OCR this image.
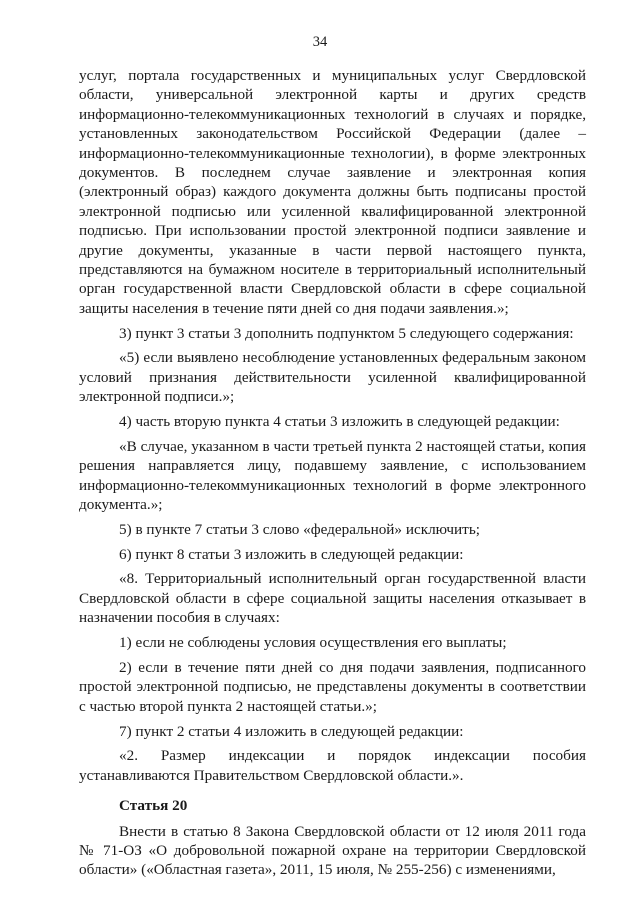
34

услуг, портала государственных и муниципальных услуг Свердловской области, универсальной электронной карты и других средств информационно-телекоммуникационных технологий в случаях и порядке, установленных законодательством Российской Федерации (далее – информационно-телекоммуникационные технологии), в форме электронных документов. В последнем случае заявление и электронная копия (электронный образ) каждого документа должны быть подписаны простой электронной подписью или усиленной квалифицированной электронной подписью. При использовании простой электронной подписи заявление и другие документы, указанные в части первой настоящего пункта, представляются на бумажном носителе в территориальный исполнительный орган государственной власти Свердловской области в сфере социальной защиты населения в течение пяти дней со дня подачи заявления.»;

3) пункт 3 статьи 3 дополнить подпунктом 5 следующего содержания:

«5) если выявлено несоблюдение установленных федеральным законом условий признания действительности усиленной квалифицированной электронной подписи.»;

4) часть вторую пункта 4 статьи 3 изложить в следующей редакции:

«В случае, указанном в части третьей пункта 2 настоящей статьи, копия решения направляется лицу, подавшему заявление, с использованием информационно-телекоммуникационных технологий в форме электронного документа.»;

5) в пункте 7 статьи 3 слово «федеральной» исключить;

6) пункт 8 статьи 3 изложить в следующей редакции:

«8. Территориальный исполнительный орган государственной власти Свердловской области в сфере социальной защиты населения отказывает в назначении пособия в случаях:

1) если не соблюдены условия осуществления его выплаты;

2) если в течение пяти дней со дня подачи заявления, подписанного простой электронной подписью, не представлены документы в соответствии с частью второй пункта 2 настоящей статьи.»;

7) пункт 2 статьи 4 изложить в следующей редакции:

«2. Размер индексации и порядок индексации пособия устанавливаются Правительством Свердловской области.».

Статья 20

Внести в статью 8 Закона Свердловской области от 12 июля 2011 года № 71-ОЗ «О добровольной пожарной охране на территории Свердловской области» («Областная газета», 2011, 15 июля, № 255-256) с изменениями,
